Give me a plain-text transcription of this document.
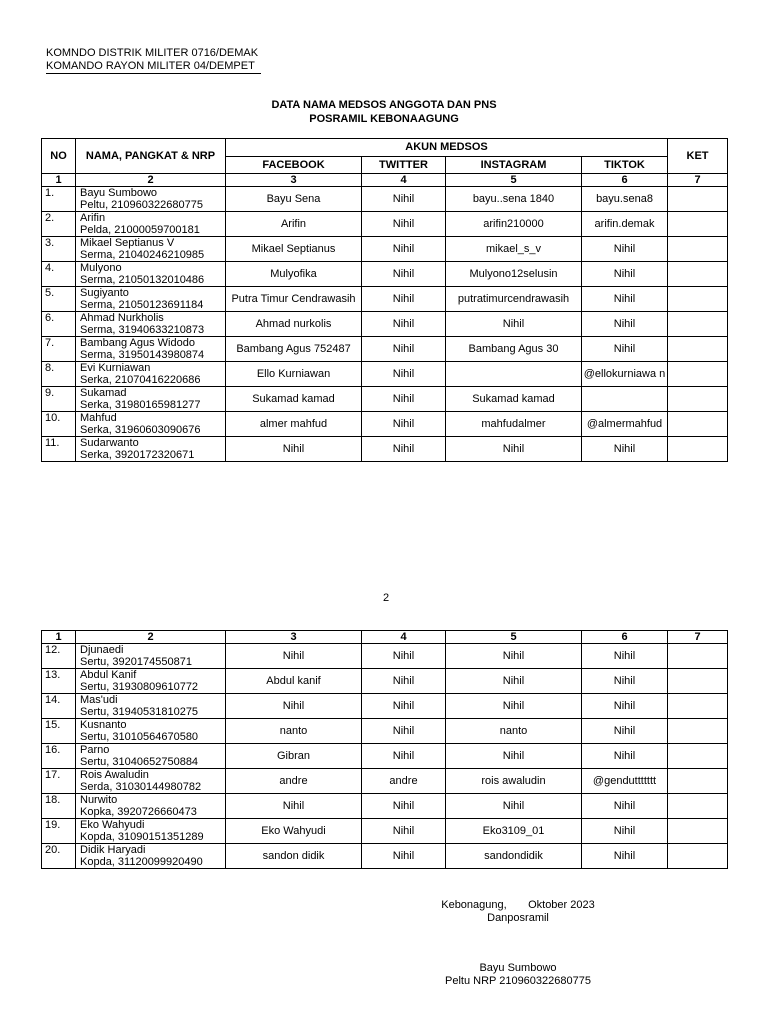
KOMNDO DISTRIK MILITER 0716/DEMAK
KOMANDO RAYON MILITER 04/DEMPET
DATA NAMA MEDSOS ANGGOTA DAN PNS
POSRAMIL KEBONAAGUNG
NO	NAMA, PANGKAT & NRP	AKUN MEDSOS				KET
		FACEBOOK	TWITTER	INSTAGRAM	TIKTOK	
1	2	3	4	5	6	7
1.	Bayu Sumbowo
Peltu, 210960322680775	Bayu Sena	Nihil	bayu..sena 1840	bayu.sena8	
2.	Arifin
Pelda, 21000059700181	Arifin	Nihil	arifin210000	arifin.demak	
3.	Mikael Septianus V
Serma, 21040246210985	Mikael Septianus	Nihil	mikael_s_v	Nihil	
4.	Mulyono
Serma, 21050132010486	Mulyofika	Nihil	Mulyono12selusin	Nihil	
5.	Sugiyanto
Serma, 21050123691184	Putra Timur Cendrawasih	Nihil	putratimurcendrawasih	Nihil	
6.	Ahmad Nurkholis
Serma, 31940633210873	Ahmad nurkolis	Nihil	Nihil	Nihil	
7.	Bambang Agus Widodo
Serma, 31950143980874	Bambang Agus 752487	Nihil	Bambang Agus 30	Nihil	
8.	Evi Kurniawan
Serka, 21070416220686	Ello Kurniawan	Nihil		@ellokurniawa n	
9.	Sukamad
Serka, 31980165981277	Sukamad kamad	Nihil	Sukamad kamad		
10.	Mahfud
Serka, 31960603090676	almer mahfud	Nihil	mahfudalmer	@almermahfud	
11.	Sudarwanto
Serka, 3920172320671	Nihil	Nihil	Nihil	Nihil	
2
1	2	3	4	5	6	7
12.	Djunaedi
Sertu, 3920174550871	Nihil	Nihil	Nihil	Nihil	
13.	Abdul Kanif
Sertu, 31930809610772	Abdul kanif	Nihil	Nihil	Nihil	
14.	Mas'udi
Sertu, 31940531810275	Nihil	Nihil	Nihil	Nihil	
15.	Kusnanto
Sertu, 31010564670580	nanto	Nihil	nanto	Nihil	
16.	Parno
Sertu, 31040652750884	Gibran	Nihil	Nihil	Nihil	
17.	Rois Awaludin
Serda, 31030144980782	andre	andre	rois awaludin	@genduttttttt	
18.	Nurwito
Kopka, 3920726660473	Nihil	Nihil	Nihil	Nihil	
19.	Eko Wahyudi
Kopda, 31090151351289	Eko Wahyudi	Nihil	Eko3109_01	Nihil	
20.	Didik Haryadi
Kopda, 31120099920490	sandon didik	Nihil	sandondidik	Nihil	
Kebonagung,       Oktober 2023
Danposramil
Bayu Sumbowo
Peltu NRP 210960322680775
